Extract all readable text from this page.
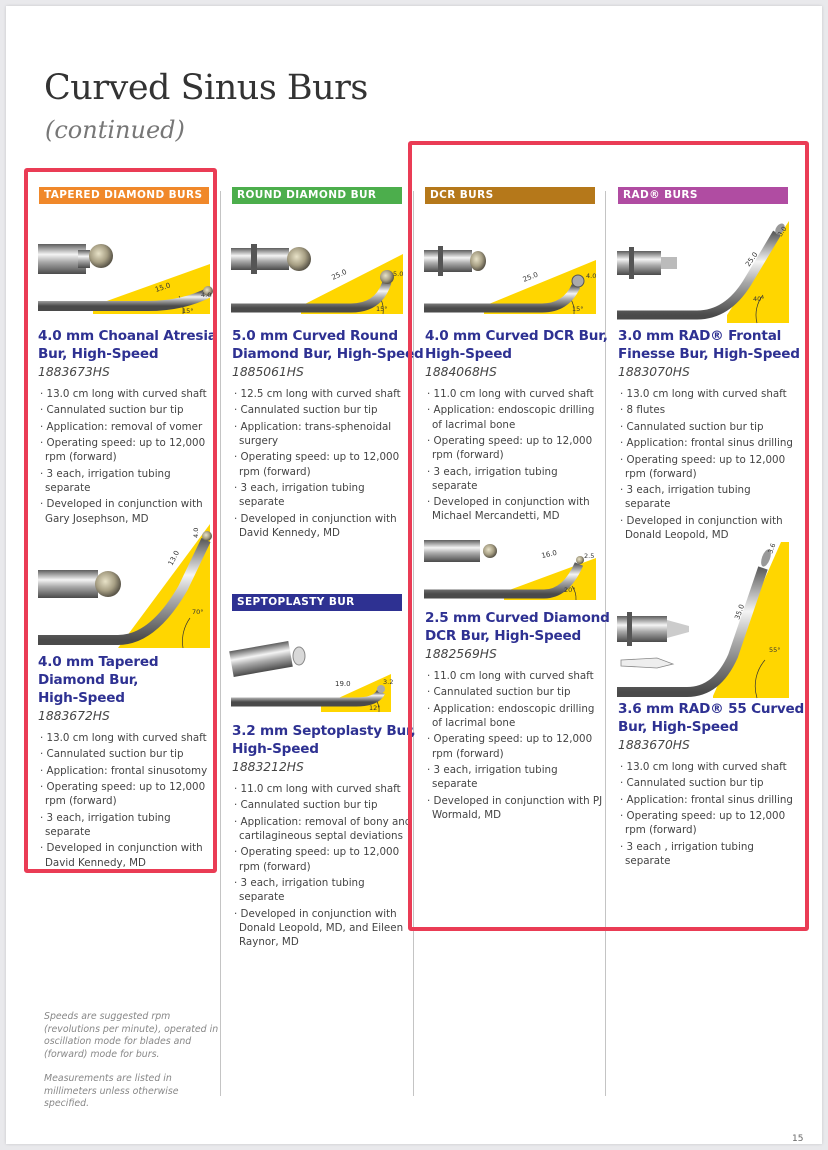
Curved Sinus Burs
(continued)
TAPERED DIAMOND BURS
15.0
4.0
15°
4.0 mm Choanal Atresia
Bur, High-Speed
1883673HS
· 13.0 cm long with curved shaft
· Cannulated suction bur tip
· Application: removal of vomer
· Operating speed: up to 12,000 rpm (forward)
· 3 each, irrigation tubing separate
· Developed in conjunction with Gary Josephson, MD
13.0
4.0
70°
4.0 mm Tapered
Diamond Bur,
High-Speed
1883672HS
· 13.0 cm long with curved shaft
· Cannulated suction bur tip
· Application: frontal sinusotomy
· Operating speed: up to 12,000 rpm (forward)
· 3 each, irrigation tubing separate
· Developed in conjunction with David Kennedy, MD
Speeds are suggested rpm (revolutions per minute), operated in oscillation mode for blades and (forward) mode for burs.
Measurements are listed in millimeters unless otherwise specified.
ROUND DIAMOND BUR
25.0	5.0
15°
5.0 mm Curved Round
Diamond Bur, High-Speed
1885061HS
· 12.5 cm long with curved shaft
· Cannulated suction bur tip
· Application: trans-sphenoidal surgery
· Operating speed: up to 12,000 rpm (forward)
· 3 each, irrigation tubing separate
· Developed in conjunction with David Kennedy, MD
SEPTOPLASTY BUR
19.0	3.2
12°
3.2 mm Septoplasty Bur,
High-Speed
1883212HS
· 11.0 cm long with curved shaft
· Cannulated suction bur tip
· Application: removal of bony and cartilagineous septal deviations
· Operating speed: up to 12,000 rpm (forward)
· 3 each, irrigation tubing separate
· Developed in conjunction with Donald Leopold, MD, and Eileen Raynor, MD
DCR BURS
25.0	4.0
15°
4.0 mm Curved DCR Bur,
High-Speed
1884068HS
· 11.0 cm long with curved shaft
· Application: endoscopic drilling of lacrimal bone
· Operating speed: up to 12,000 rpm (forward)
· 3 each, irrigation tubing separate
· Developed in conjunction with Michael Mercandetti, MD
16.0	2.5
20°
2.5 mm Curved Diamond
DCR Bur, High-Speed
1882569HS
· 11.0 cm long with curved shaft
· Cannulated suction bur tip
· Application: endoscopic drilling of lacrimal bone
· Operating speed: up to 12,000 rpm (forward)
· 3 each, irrigation tubing separate
· Developed in conjunction with PJ Wormald, MD
RAD® BURS
25.0
3.0
40°
3.0 mm RAD® Frontal
Finesse Bur, High-Speed
1883070HS
· 13.0 cm long with curved shaft
· 8 flutes
· Cannulated suction bur tip
· Application: frontal sinus drilling
· Operating speed: up to 12,000 rpm (forward)
· 3 each, irrigation tubing separate
· Developed in conjunction with Donald Leopold, MD
35.0
3.6
55°
3.6 mm RAD® 55 Curved
Bur, High-Speed
1883670HS
· 13.0 cm long with curved shaft
· Cannulated suction bur tip
· Application: frontal sinus drilling
· Operating speed: up to 12,000 rpm (forward)
· 3 each , irrigation tubing separate
15
